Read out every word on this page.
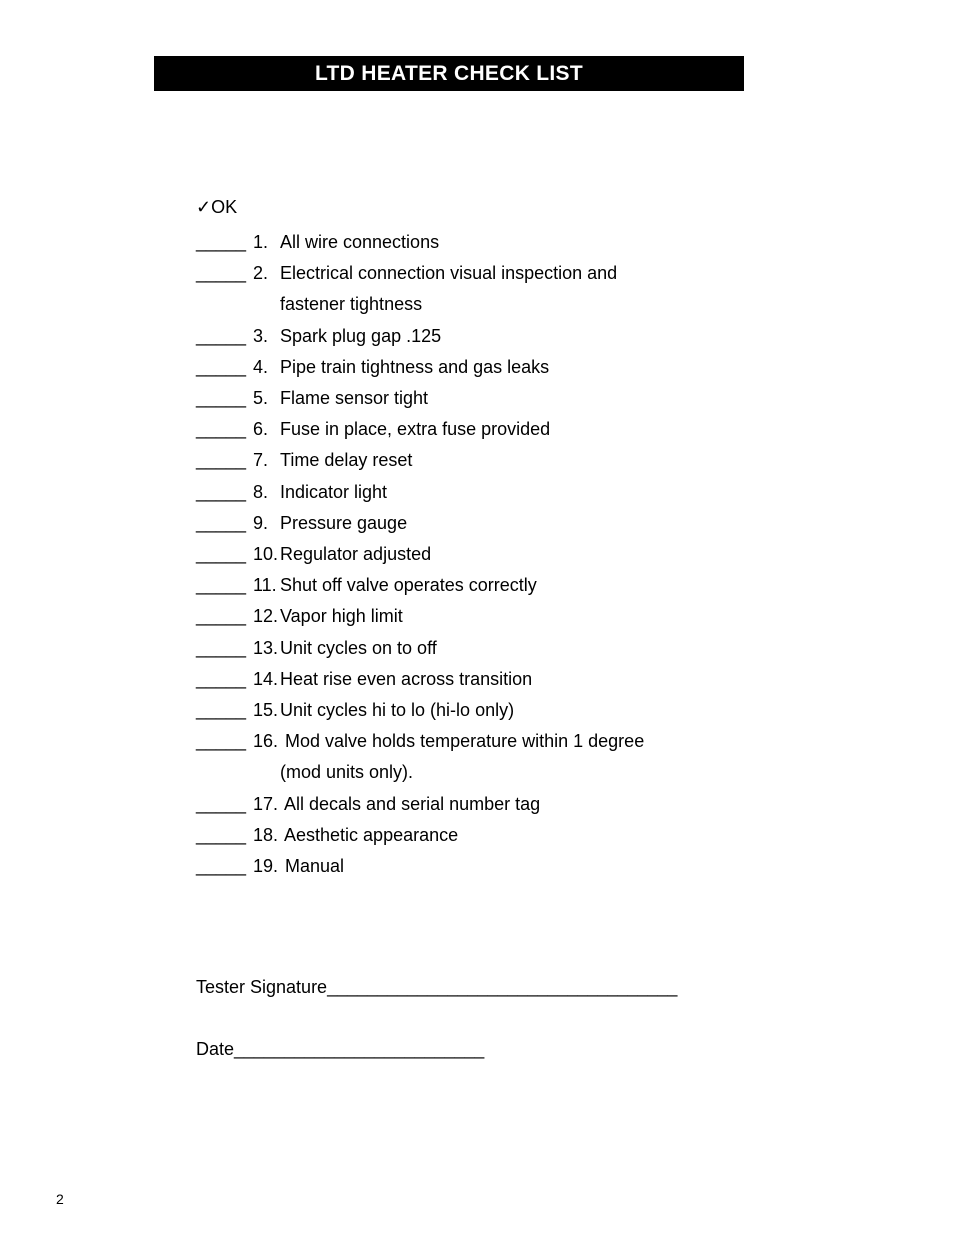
LTD HEATER CHECK LIST
✓OK
_____ 1. All wire connections
_____ 2. Electrical connection visual inspection and
fastener tightness
_____ 3. Spark plug gap .125
_____ 4. Pipe train tightness and gas leaks
_____ 5. Flame sensor tight
_____ 6. Fuse in place, extra fuse provided
_____ 7. Time delay reset
_____ 8. Indicator light
_____ 9. Pressure gauge
_____ 10. Regulator adjusted
_____ 11. Shut off valve operates correctly
_____ 12. Vapor high limit
_____ 13. Unit cycles on to off
_____ 14. Heat rise even across transition
_____ 15. Unit cycles hi to lo (hi-lo only)
_____ 16. Mod valve holds temperature within 1 degree
(mod units only).
_____ 17. All decals and serial number tag
_____ 18. Aesthetic appearance
_____ 19. Manual
Tester Signature___________________________________
Date_________________________
2
